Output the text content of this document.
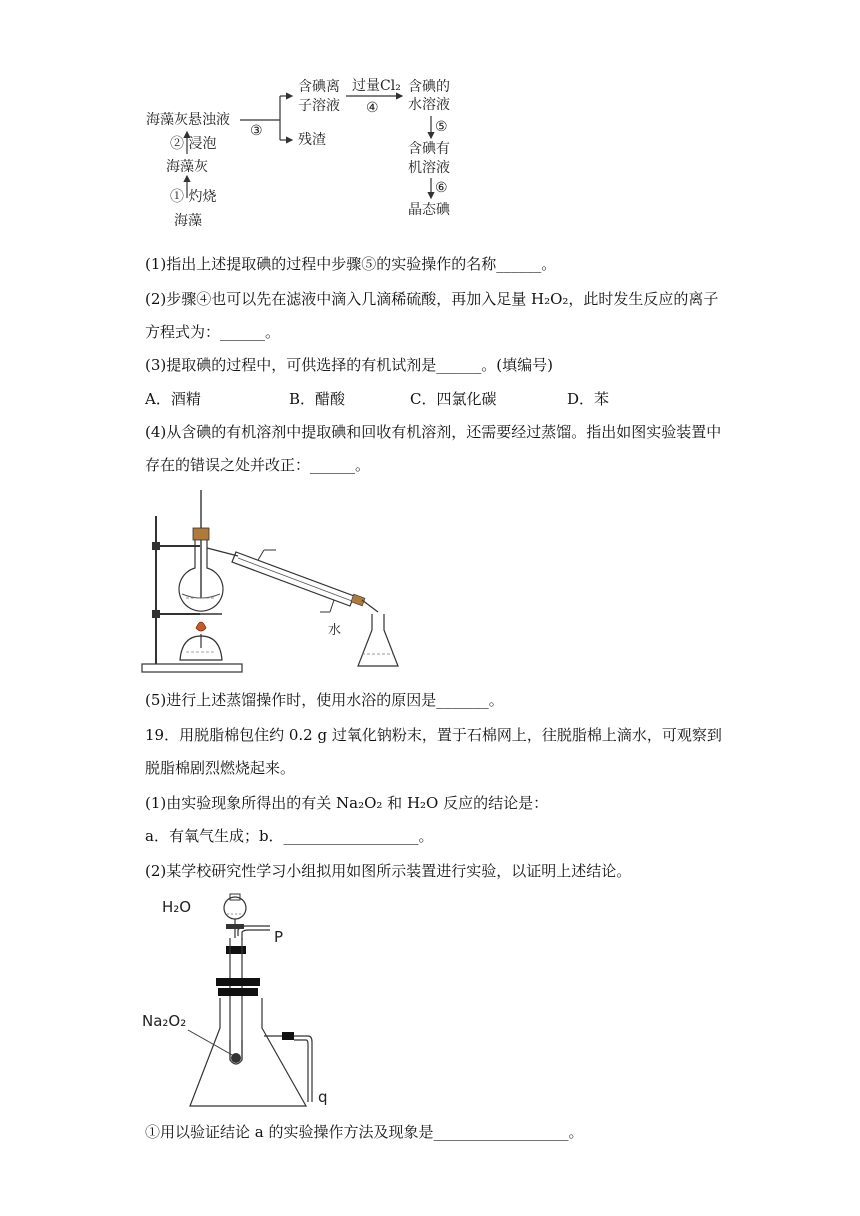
海藻灰悬浊液
② 浸泡
海藻灰
① 灼烧
海藻
③
含碘离
子溶液
残渣
过量Cl₂
④
含碘的
水溶液
⑤
含碘有
机溶液
⑥
晶态碘
(1)指出上述提取碘的过程中步骤⑤的实验操作的名称______。
(2)步骤④也可以先在滤液中滴入几滴稀硫酸，再加入足量 H₂O₂，此时发生反应的离子
方程式为：______。
(3)提取碘的过程中，可供选择的有机试剂是______。(填编号)
A．酒精	B．醋酸	C．四氯化碳	D．苯
(4)从含碘的有机溶剂中提取碘和回收有机溶剂，还需要经过蒸馏。指出如图实验装置中
存在的错误之处并改正：______。
水
(5)进行上述蒸馏操作时，使用水浴的原因是_______。
19．用脱脂棉包住约 0.2 g 过氧化钠粉末，置于石棉网上，往脱脂棉上滴水，可观察到
脱脂棉剧烈燃烧起来。
(1)由实验现象所得出的有关 Na₂O₂ 和 H₂O 反应的结论是：
a．有氧气生成；b．__________________。
(2)某学校研究性学习小组拟用如图所示装置进行实验，以证明上述结论。
H₂O
P
Na₂O₂
q
①用以验证结论 a 的实验操作方法及现象是__________________。
